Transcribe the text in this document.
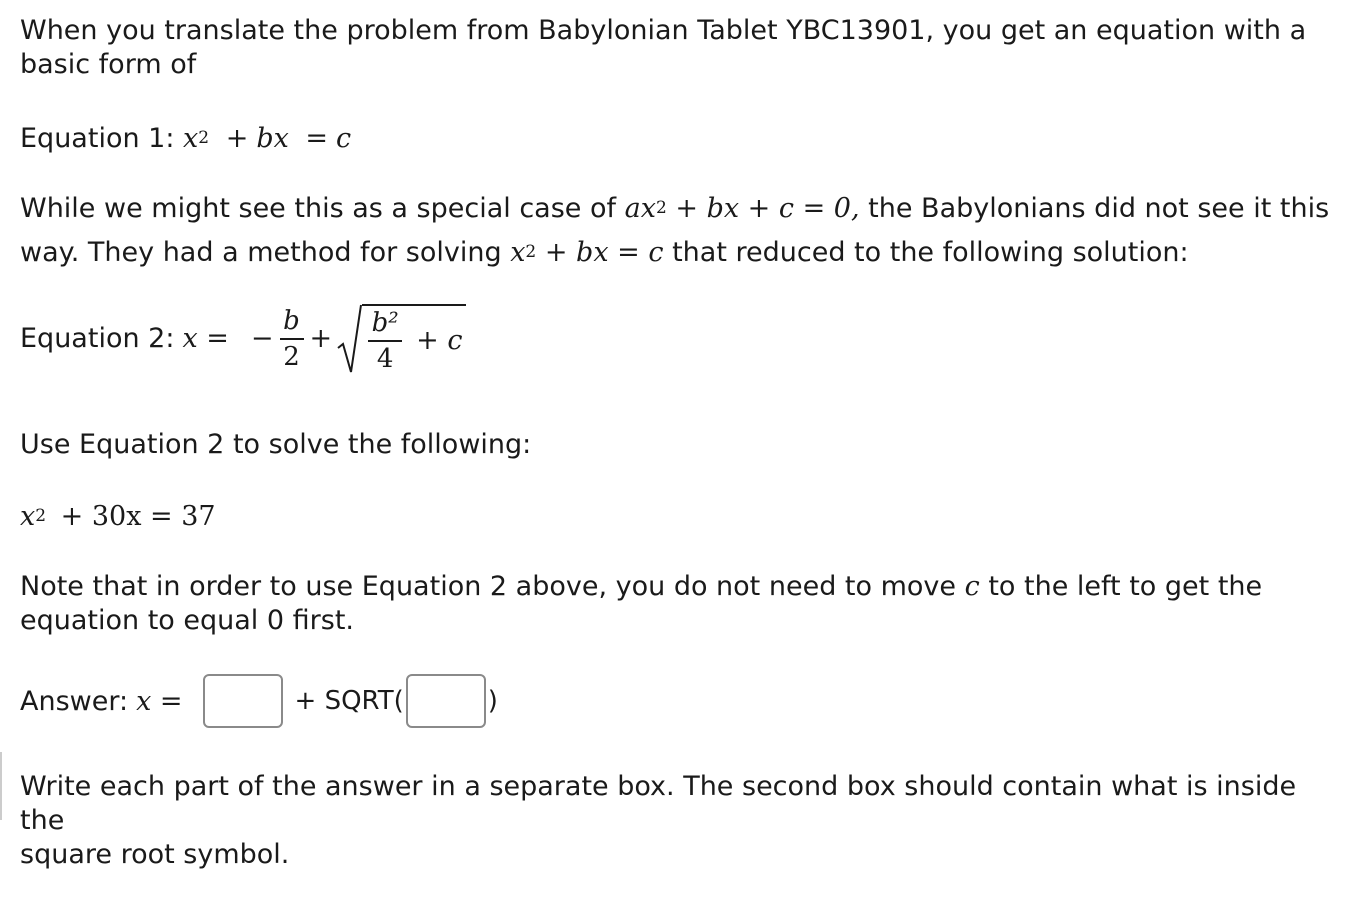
When you translate the problem from Babylonian Tablet YBC13901, you get an equation with a
basic form of
Equation 1: $x^2$ + bx = c
While we might see this as a special case of $ax^2$ + bx + c = 0, the Babylonians did not see it this
way. They had a method for solving $x^2$ + bx = c that reduced to the following solution:
Equation 2: x = − $\frac{b}{2} + \frac{\text{b²}}{4} + c$
Use Equation 2 to solve the following:
$x^2 + 30x = 37$
Note that in order to use Equation 2 above, you do not need to move c to the left to get the
equation to equal 0 first.
Answer: x =	+ SQRT(	)
Write each part of the answer in a separate box. The second box should contain what is inside the
square root symbol.
